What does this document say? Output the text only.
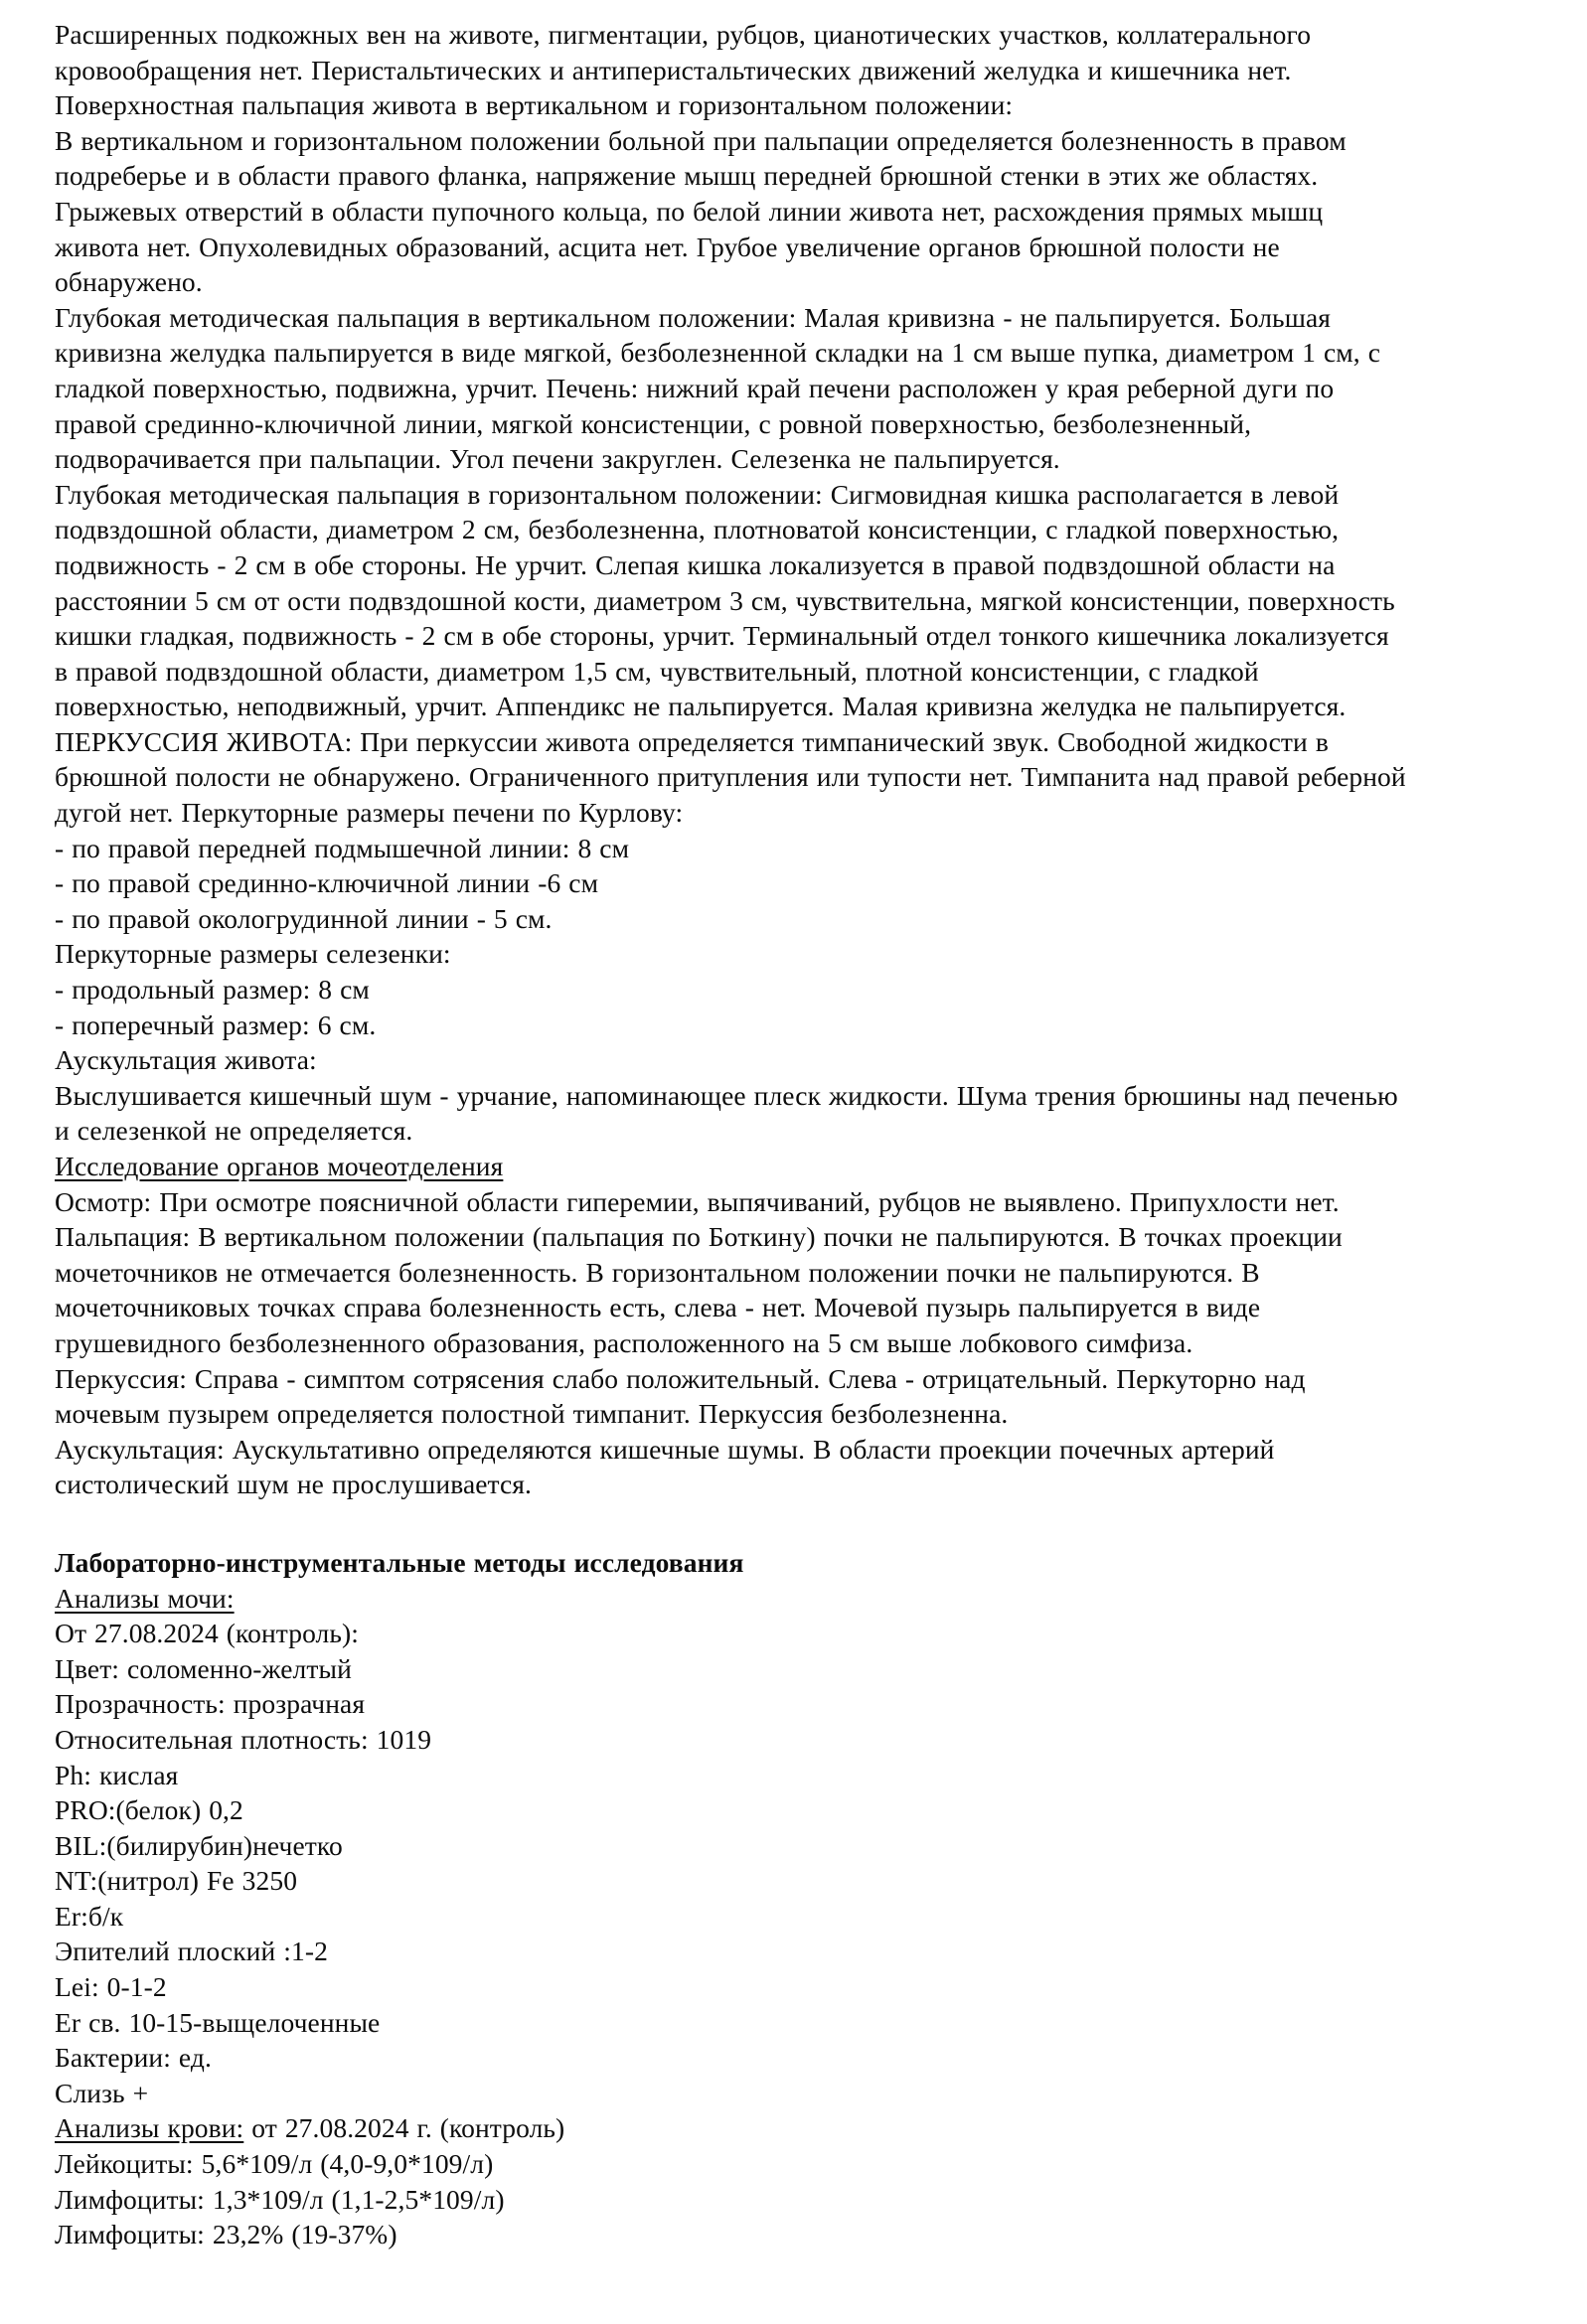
Расширенных подкожных вен на животе, пигментации, рубцов, цианотических участков, коллатерального
кровообращения нет. Перистальтических и антиперистальтических движений желудка и кишечника нет.
Поверхностная пальпация живота в вертикальном и горизонтальном положении:
В вертикальном и горизонтальном положении больной при пальпации определяется болезненность в правом
подреберье и в области правого фланка, напряжение мышц передней брюшной стенки в этих же областях.
Грыжевых отверстий в области пупочного кольца, по белой линии живота нет, расхождения прямых мышц
живота нет. Опухолевидных образований, асцита нет. Грубое увеличение органов брюшной полости не
обнаружено.
Глубокая методическая пальпация в вертикальном положении: Малая кривизна - не пальпируется. Большая
кривизна желудка пальпируется в виде мягкой, безболезненной складки на 1 см выше пупка, диаметром 1 см, с
гладкой поверхностью, подвижна, урчит. Печень: нижний край печени расположен у края реберной дуги по
правой срединно-ключичной линии, мягкой консистенции, с ровной поверхностью, безболезненный,
подворачивается при пальпации. Угол печени закруглен. Селезенка не пальпируется.
Глубокая методическая пальпация в горизонтальном положении: Сигмовидная кишка располагается в левой
подвздошной области, диаметром 2 см, безболезненна, плотноватой консистенции, с гладкой поверхностью,
подвижность - 2 см в обе стороны. Не урчит. Слепая кишка локализуется в правой подвздошной области на
расстоянии 5 см от ости подвздошной кости, диаметром 3 см, чувствительна, мягкой консистенции, поверхность
кишки гладкая, подвижность - 2 см в обе стороны, урчит. Терминальный отдел тонкого кишечника локализуется
в правой подвздошной области, диаметром 1,5 см, чувствительный, плотной консистенции, с гладкой
поверхностью, неподвижный, урчит. Аппендикс не пальпируется. Малая кривизна желудка не пальпируется.
ПЕРКУССИЯ ЖИВОТА: При перкуссии живота определяется тимпанический звук. Свободной жидкости в
брюшной полости не обнаружено. Ограниченного притупления или тупости нет. Тимпанита над правой реберной
дугой нет. Перкуторные размеры печени по Курлову:
- по правой передней подмышечной линии: 8 см
- по правой срединно-ключичной линии -6 см
- по правой окологрудинной линии - 5 см.
Перкуторные размеры селезенки:
- продольный размер: 8 см
- поперечный размер: 6 см.
Аускультация живота:
Выслушивается кишечный шум - урчание, напоминающее плеск жидкости. Шума трения брюшины над печенью
и селезенкой не определяется.
Исследование органов мочеотделения
Осмотр: При осмотре поясничной области гиперемии, выпячиваний, рубцов не выявлено. Припухлости нет.
Пальпация: В вертикальном положении (пальпация по Боткину) почки не пальпируются. В точках проекции
мочеточников не отмечается болезненность. В горизонтальном положении почки не пальпируются. В
мочеточниковых точках справа болезненность есть, слева - нет. Мочевой пузырь пальпируется в виде
грушевидного безболезненного образования, расположенного на 5 см выше лобкового симфиза.
Перкуссия: Справа - симптом сотрясения слабо положительный. Слева - отрицательный. Перкуторно над
мочевым пузырем определяется полостной тимпанит. Перкуссия безболезненна.
Аускультация: Аускультативно определяются кишечные шумы. В области проекции почечных артерий
систолический шум не прослушивается.
Лабораторно-инструментальные методы исследования
Анализы мочи:
От 27.08.2024 (контроль):
Цвет: соломенно-желтый
Прозрачность: прозрачная
Относительная плотность: 1019
Ph: кислая
PRO:(белок) 0,2
BIL:(билирубин)нечетко
NT:(нитрол) Fe 3250
Er:б/к
Эпителий плоский :1-2
Lei: 0-1-2
Er св. 10-15-выщелоченные
Бактерии: ед.
Слизь +
Анализы крови: от 27.08.2024 г. (контроль)
Лейкоциты: 5,6*109/л (4,0-9,0*109/л)
Лимфоциты: 1,3*109/л (1,1-2,5*109/л)
Лимфоциты: 23,2% (19-37%)
